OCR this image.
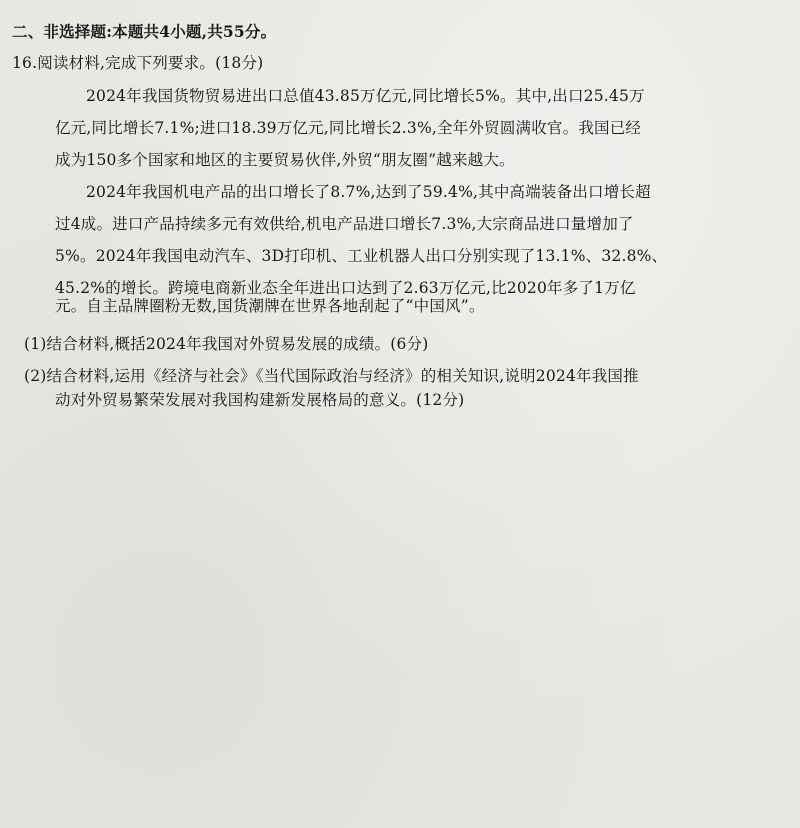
二、非选择题:本题共4小题,共55分。
16.阅读材料,完成下列要求。(18分)
2024年我国货物贸易进出口总值43.85万亿元,同比增长5%。其中,出口25.45万
亿元,同比增长7.1%;进口18.39万亿元,同比增长2.3%,全年外贸圆满收官。我国已经
成为150多个国家和地区的主要贸易伙伴,外贸“朋友圈”越来越大。
2024年我国机电产品的出口增长了8.7%,达到了59.4%,其中高端装备出口增长超
过4成。进口产品持续多元有效供给,机电产品进口增长7.3%,大宗商品进口量增加了
5%。2024年我国电动汽车、3D打印机、工业机器人出口分别实现了13.1%、32.8%、
45.2%的增长。跨境电商新业态全年进出口达到了2.63万亿元,比2020年多了1万亿
元。自主品牌圈粉无数,国货潮牌在世界各地刮起了“中国风”。
(1)结合材料,概括2024年我国对外贸易发展的成绩。(6分)
(2)结合材料,运用《经济与社会》《当代国际政治与经济》的相关知识,说明2024年我国推
动对外贸易繁荣发展对我国构建新发展格局的意义。(12分)
